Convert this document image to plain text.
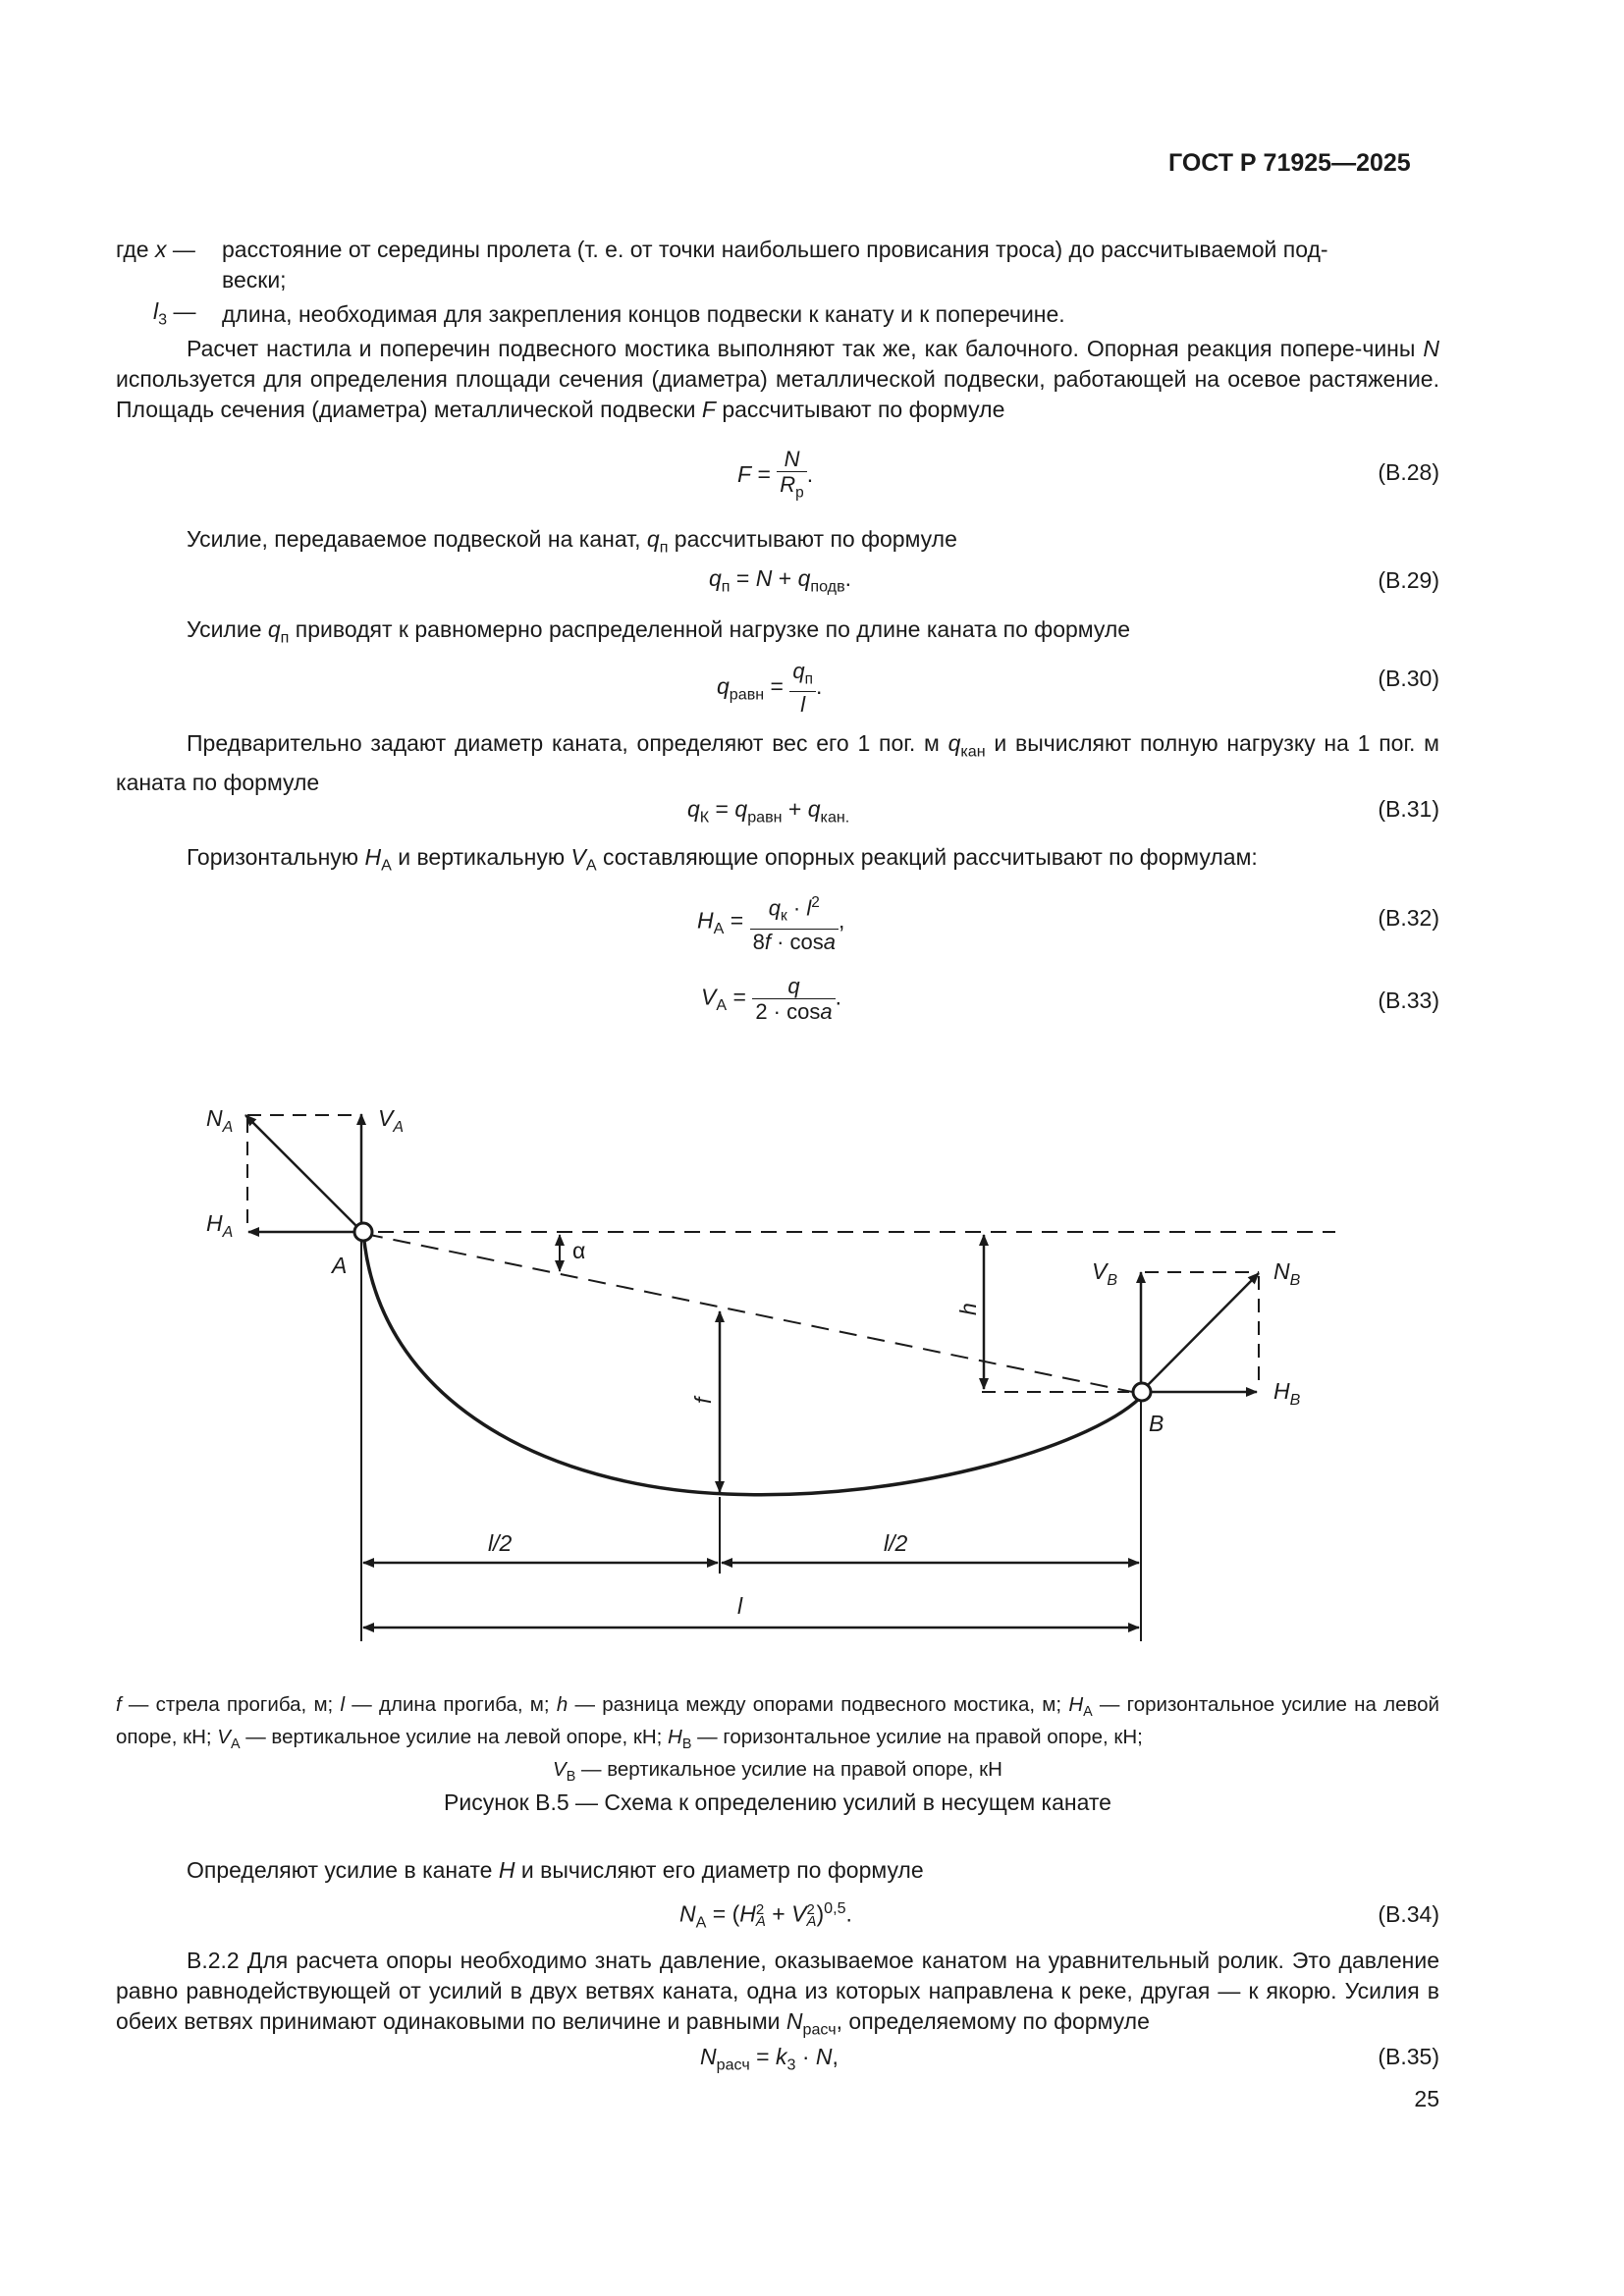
ГОСТ Р 71925—2025
где x — расстояние от середины пролета (т. е. от точки наибольшего провисания троса) до рассчитываемой под-
вески;
$l_3$ — длина, необходимая для закрепления концов подвески к канату и к поперечине.
Расчет настила и поперечин подвесного мостика выполняют так же, как балочного. Опорная реакция попере-чины N используется для определения площади сечения (диаметра) металлической подвески, работающей на осевое растяжение. Площадь сечения (диаметра) металлической подвески F рассчитывают по формуле
$F = \frac{N}{R_р}$ .	(В.28)
Усилие, передаваемое подвеской на канат, $q_п$ рассчитывают по формуле
$q_п = N + q_{подв}$.	(В.29)
Усилие $q_п$ приводят к равномерно распределенной нагрузке по длине каната по формуле
$q_{равн} = \frac{q_п}{l}$ .	(В.30)
Предварительно задают диаметр каната, определяют вес его 1 пог. м $q_{кан}$ и вычисляют полную нагрузку на 1 пог. м каната по формуле
$q_К = q_{равн} + q_{кан.}$	(В.31)
Горизонтальную $H_A$ и вертикальную $V_A$ составляющие опорных реакций рассчитывают по формулам:
$H_A = \frac{q_к \cdot l^2}{8f \cdot \cos a}$ ,	(В.32)
$V_A = \frac{q}{2 \cdot \cos a}$ .	(В.33)
$N_A$	$V_A$
$H_A$
A
α
h
f
$V_B$	$N_B$
$H_B$
B
l/2	l/2
l
f — стрела прогиба, м; l — длина прогиба, м; h — разница между опорами подвесного мостика, м; $H_A$ — горизонтальное усилие на левой опоре, кН; $V_A$ — вертикальное усилие на левой опоре, кН; $H_В$ — горизонтальное усилие на правой опоре, кН;
$V_В$ — вертикальное усилие на правой опоре, кН
Рисунок В.5 — Схема к определению усилий в несущем канате
Определяют усилие в канате H и вычисляют его диаметр по формуле
$N_A = (H$ 2
A + V 2
A )$^{0,5}$.	(В.34)
В.2.2 Для расчета опоры необходимо знать давление, оказываемое канатом на уравнительный ролик. Это давление равно равнодействующей от усилий в двух ветвях каната, одна из которых направлена к реке, другая — к якорю. Усилия в обеих ветвях принимают одинаковыми по величине и равными $N_{расч}$, определяемому по формуле
$N_{расч} = k_3 \cdot N$,	(В.35)
25
